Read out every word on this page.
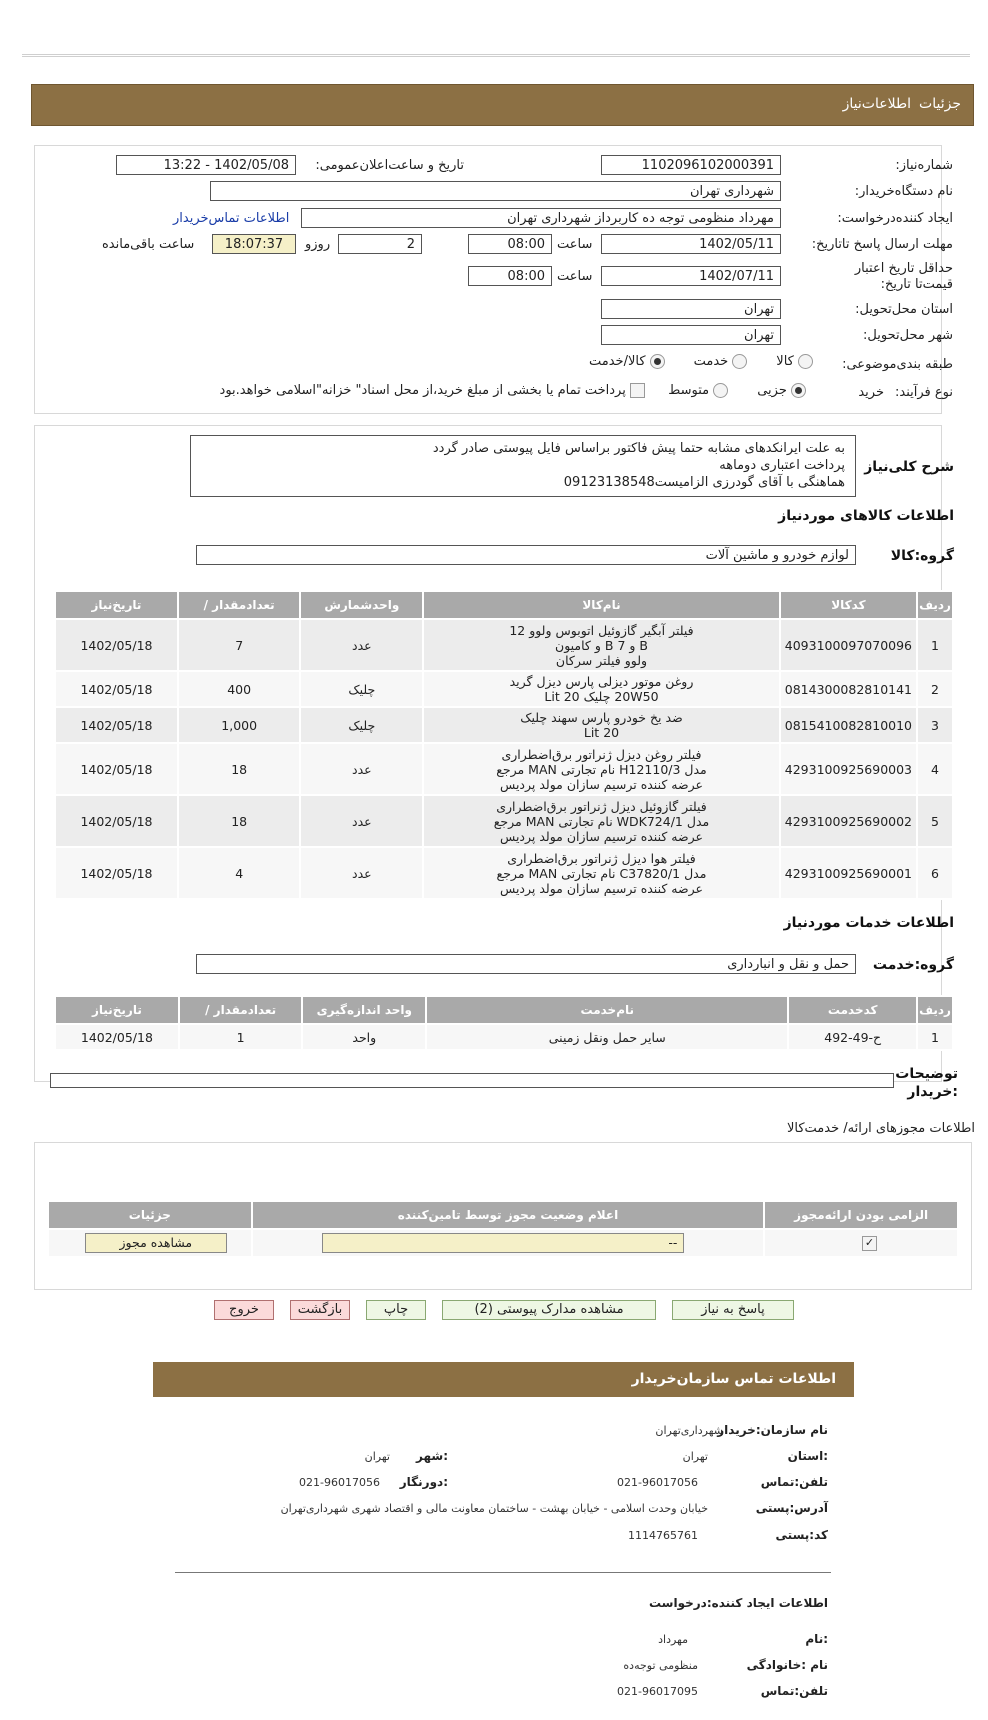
جزئیات
اطلاعات‌نیاز
شماره‌نیاز:
1102096102000391
تاریخ و ساعت‌اعلان‌عمومی:
1402/05/08 - 13:22
نام دستگاه‌خریدار:
شهرداری تهران
ایجاد کننده‌درخواست:
مهرداد منظومی توجه ده کاربرداز شهرداری تهران
اطلاعات تماس‌خریدار
مهلت ارسال پاسخ تا‌تاریخ:
1402/05/11
ساعت
08:00
2
روزو
18:07:37
ساعت باقی‌مانده
حداقل تاریخ اعتبار قیمت‌تا تاریخ:
1402/07/11
ساعت
08:00
استان محل‌تحویل:
تهران
شهر محل‌تحویل:
تهران
طبقه بندی‌موضوعی:
کالا        خدمت        کالا/خدمت
نوع فرآیند:
خرید
جزیی        متوسط
پرداخت تمام یا بخشی از مبلغ خرید،از محل اسناد" خزانه"اسلامی خواهد.بود
شرح کلی‌نیاز
به علت ایرانکدهای مشابه حتما پیش فاکتور براساس فایل پیوستی صادر گردد
پرداخت اعتباری دوماهه
هماهنگی با آقای گودرزی الزامیست09123138548
اطلاعات کالاهای موردنیاز
گروه:کالا
لوازم خودرو و ماشین آلات
ردیف	کدکالا	نام‌کالا	واحدشمارش	تعداد‌مقدار /	تاریخ‌نیاز
1	4093100097070096	فیلتر آبگیر گازوئیل اتوبوس ولوو 12
B و 7 B و کامیون
ولوو فیلتر سرکان	عدد	7	1402/05/18
2	0814300082810141	روغن موتور دیزلی پارس دیزل گرید
20W50 چلیک 20 Lit	چلیک	400	1402/05/18
3	0815410082810010	ضد یخ خودرو پارس سهند چلیک
20 Lit	چلیک	1,000	1402/05/18
4	4293100925690003	فیلتر روغن دیزل ژنراتور برق‌اضطراری
مدل H12110/3 نام تجارتی MAN مرجع
عرضه کننده ترسیم سازان مولد پردیس	عدد	18	1402/05/18
5	4293100925690002	فیلتر گازوئیل دیزل ژنراتور برق‌اضطراری
مدل WDK724/1 نام تجارتی MAN مرجع
عرضه کننده ترسیم سازان مولد پردیس	عدد	18	1402/05/18
6	4293100925690001	فیلتر هوا دیزل ژنراتور برق‌اضطراری
مدل C37820/1 نام تجارتی MAN مرجع
عرضه کننده ترسیم سازان مولد پردیس	عدد	4	1402/05/18
اطلاعات خدمات موردنیاز
گروه:خدمت
حمل و نقل و انبارداری
ردیف	کدخدمت	نام‌خدمت	واحد اندازه‌گیری	تعداد‌مقدار /	تاریخ‌نیاز
1	ح-49-492	سایر حمل ونقل زمینی	واحد	1	1402/05/18
توضیحات :خریدار
اطلاعات مجوزهای ارائه/ خدمت‌کالا
الزامی بودن ارائه‌مجوز	اعلام وضعیت مجوز توسط تامین‌کننده	جزئیات
✓	--	مشاهده مجوز
پاسخ به نیاز
مشاهده مدارک پیوستی (2)
چاپ
بازگشت
خروج
اطلاعات تماس سازمان‌خریدار
نام سازمان:خریدار
شهرداری‌تهران
:استان
تهران
:شهر
تهران
تلفن:تماس
021-96017056
:دورنگار
021-96017056
آدرس:پستی
خیابان وحدت اسلامی - خیابان بهشت - ساختمان معاونت مالی و اقتصاد شهری شهرداری‌تهران
کد:پستی
1114765761
اطلاعات ایجاد کننده:درخواست
:نام
مهرداد
نام :خانوادگی
منظومی توجه‌ده
تلفن:تماس
021-96017095
